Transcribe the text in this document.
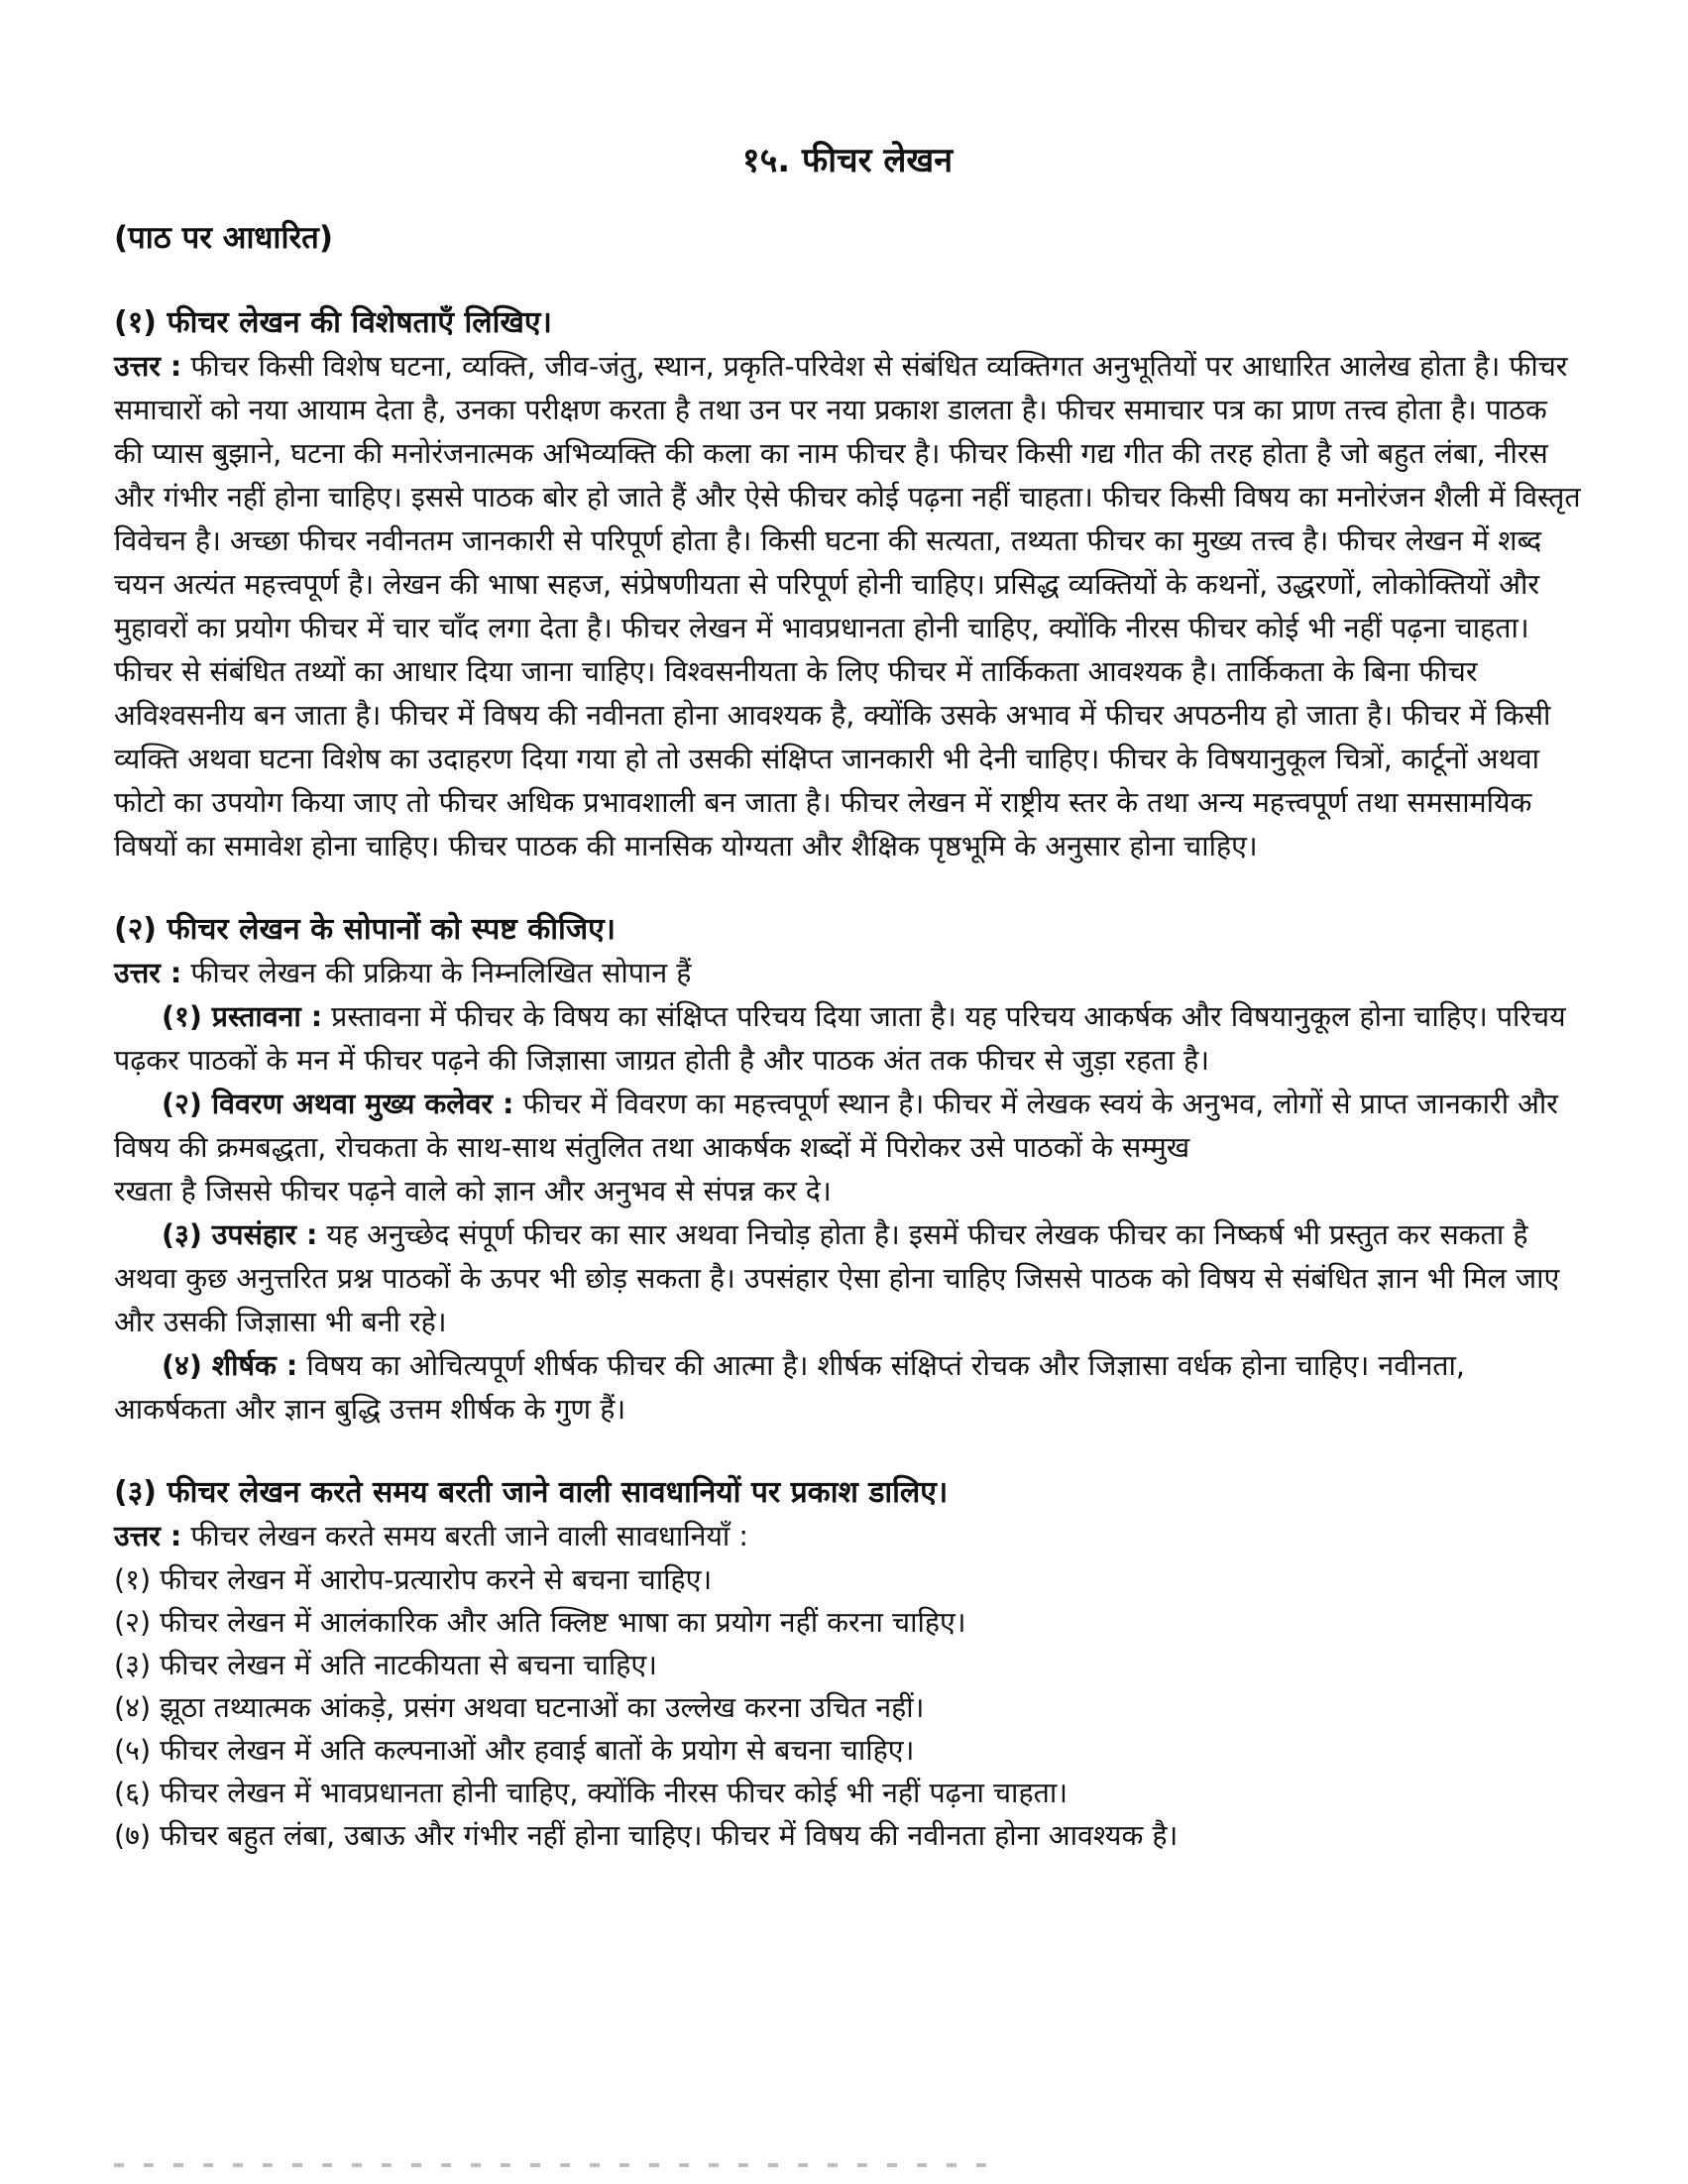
१५. फीचर लेखन
(पाठ पर आधारित)
(१) फीचर लेखन की विशेषताएँ लिखिए।

उत्तर : फीचर किसी विशेष घटना, व्यक्ति, जीव-जंतु, स्थान, प्रकृति-परिवेश से संबंधित व्यक्तिगत अनुभूतियों पर आधारित आलेख होता है। फीचर समाचारों को नया आयाम देता है, उनका परीक्षण करता है तथा उन पर नया प्रकाश डालता है। फीचर समाचार पत्र का प्राण तत्त्व होता है। पाठक की प्यास बुझाने, घटना की मनोरंजनात्मक अभिव्यक्ति की कला का नाम फीचर है। फीचर किसी गद्य गीत की तरह होता है जो बहुत लंबा, नीरस और गंभीर नहीं होना चाहिए। इससे पाठक बोर हो जाते हैं और ऐसे फीचर कोई पढ़ना नहीं चाहता। फीचर किसी विषय का मनोरंजन शैली में विस्तृत विवेचन है। अच्छा फीचर नवीनतम जानकारी से परिपूर्ण होता है। किसी घटना की सत्यता, तथ्यता फीचर का मुख्य तत्त्व है। फीचर लेखन में शब्द चयन अत्यंत महत्त्वपूर्ण है। लेखन की भाषा सहज, संप्रेषणीयता से परिपूर्ण होनी चाहिए। प्रसिद्ध व्यक्तियों के कथनों, उद्धरणों, लोकोक्तियों और मुहावरों का प्रयोग फीचर में चार चाँद लगा देता है। फीचर लेखन में भावप्रधानता होनी चाहिए, क्योंकि नीरस फीचर कोई भी नहीं पढ़ना चाहता। फीचर से संबंधित तथ्यों का आधार दिया जाना चाहिए। विश्वसनीयता के लिए फीचर में तार्किकता आवश्यक है। तार्किकता के बिना फीचर अविश्वसनीय बन जाता है। फीचर में विषय की नवीनता होना आवश्यक है, क्योंकि उसके अभाव में फीचर अपठनीय हो जाता है। फीचर में किसी व्यक्ति अथवा घटना विशेष का उदाहरण दिया गया हो तो उसकी संक्षिप्त जानकारी भी देनी चाहिए। फीचर के विषयानुकूल चित्रों, कार्टूनों अथवा फोटो का उपयोग किया जाए तो फीचर अधिक प्रभावशाली बन जाता है। फीचर लेखन में राष्ट्रीय स्तर के तथा अन्य महत्त्वपूर्ण तथा समसामयिक विषयों का समावेश होना चाहिए। फीचर पाठक की मानसिक योग्यता और शैक्षिक पृष्ठभूमि के अनुसार होना चाहिए।

(२) फीचर लेखन के सोपानों को स्पष्ट कीजिए।

उत्तर : फीचर लेखन की प्रक्रिया के निम्नलिखित सोपान हैं

(१) प्रस्तावना : प्रस्तावना में फीचर के विषय का संक्षिप्त परिचय दिया जाता है। यह परिचय आकर्षक और विषयानुकूल होना चाहिए। परिचय पढ़कर पाठकों के मन में फीचर पढ़ने की जिज्ञासा जाग्रत होती है और पाठक अंत तक फीचर से जुड़ा रहता है।

(२) विवरण अथवा मुख्य कलेवर : फीचर में विवरण का महत्त्वपूर्ण स्थान है। फीचर में लेखक स्वयं के अनुभव, लोगों से प्राप्त जानकारी और विषय की क्रमबद्धता, रोचकता के साथ-साथ संतुलित तथा आकर्षक शब्दों में पिरोकर उसे पाठकों के सम्मुख

रखता है जिससे फीचर पढ़ने वाले को ज्ञान और अनुभव से संपन्न कर दे।

(३) उपसंहार : यह अनुच्छेद संपूर्ण फीचर का सार अथवा निचोड़ होता है। इसमें फीचर लेखक फीचर का निष्कर्ष भी प्रस्तुत कर सकता है अथवा कुछ अनुत्तरित प्रश्न पाठकों के ऊपर भी छोड़ सकता है। उपसंहार ऐसा होना चाहिए जिससे पाठक को विषय से संबंधित ज्ञान भी मिल जाए और उसकी जिज्ञासा भी बनी रहे।

(४) शीर्षक : विषय का ओचित्यपूर्ण शीर्षक फीचर की आत्मा है। शीर्षक संक्षिप्तं रोचक और जिज्ञासा वर्धक होना चाहिए। नवीनता, आकर्षकता और ज्ञान बुद्धि उत्तम शीर्षक के गुण हैं।

(३) फीचर लेखन करते समय बरती जाने वाली सावधानियों पर प्रकाश डालिए।

उत्तर : फीचर लेखन करते समय बरती जाने वाली सावधानियाँ :

(१) फीचर लेखन में आरोप-प्रत्यारोप करने से बचना चाहिए।

(२) फीचर लेखन में आलंकारिक और अति क्लिष्ट भाषा का प्रयोग नहीं करना चाहिए।

(३) फीचर लेखन में अति नाटकीयता से बचना चाहिए।

(४) झूठा तथ्यात्मक आंकड़े, प्रसंग अथवा घटनाओं का उल्लेख करना उचित नहीं।

(५) फीचर लेखन में अति कल्पनाओं और हवाई बातों के प्रयोग से बचना चाहिए।

(६) फीचर लेखन में भावप्रधानता होनी चाहिए, क्योंकि नीरस फीचर कोई भी नहीं पढ़ना चाहता।

(७) फीचर बहुत लंबा, उबाऊ और गंभीर नहीं होना चाहिए। फीचर में विषय की नवीनता होना आवश्यक है।
